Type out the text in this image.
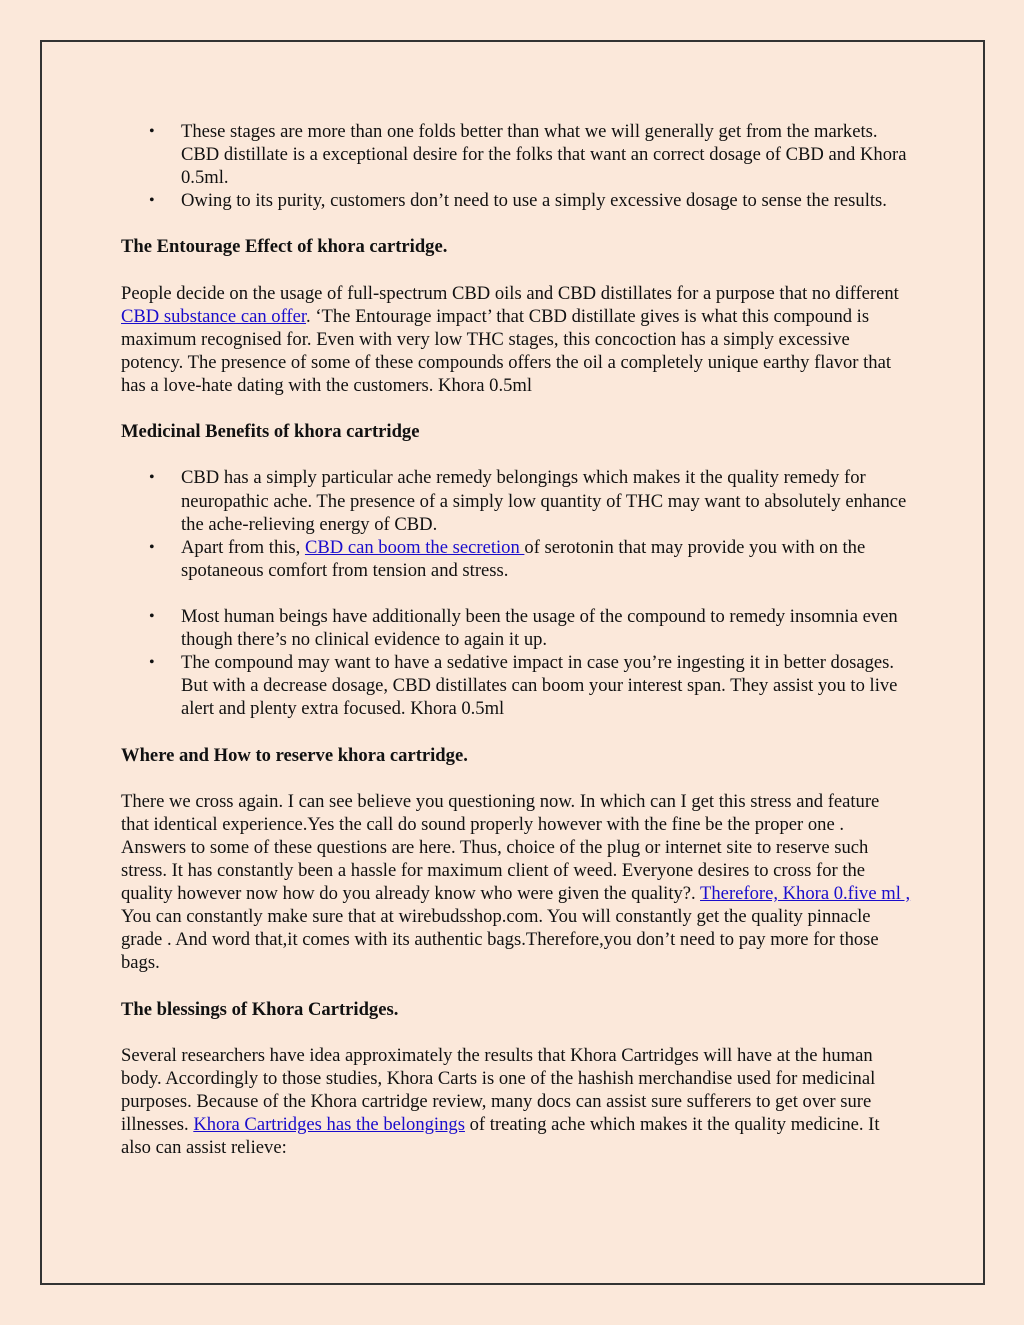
• These stages are more than one folds better than what we will generally get from the markets. CBD distillate is a exceptional desire for the folks that want an correct dosage of CBD and Khora 0.5ml.
• Owing to its purity, customers don’t need to use a simply excessive dosage to sense the results.

The Entourage Effect of khora cartridge.

People decide on the usage of full-spectrum CBD oils and CBD distillates for a purpose that no different CBD substance can offer. ‘The Entourage impact’ that CBD distillate gives is what this compound is maximum recognised for. Even with very low THC stages, this concoction has a simply excessive potency. The presence of some of these compounds offers the oil a completely unique earthy flavor that has a love-hate dating with the customers. Khora 0.5ml

Medicinal Benefits of khora cartridge

• CBD has a simply particular ache remedy belongings which makes it the quality remedy for neuropathic ache. The presence of a simply low quantity of THC may want to absolutely enhance the ache-relieving energy of CBD.
• Apart from this, CBD can boom the secretion of serotonin that may provide you with on the spotaneous comfort from tension and stress.
• Most human beings have additionally been the usage of the compound to remedy insomnia even though there’s no clinical evidence to again it up.
• The compound may want to have a sedative impact in case you’re ingesting it in better dosages. But with a decrease dosage, CBD distillates can boom your interest span. They assist you to live alert and plenty extra focused. Khora 0.5ml

Where and How to reserve khora cartridge.

There we cross again. I can see believe you questioning now. In which can I get this stress and feature that identical experience.Yes the call do sound properly however with the fine be the proper one . Answers to some of these questions are here. Thus, choice of the plug or internet site to reserve such stress. It has constantly been a hassle for maximum client of weed. Everyone desires to cross for the quality however now how do you already know who were given the quality?. Therefore, Khora 0.five ml , You can constantly make sure that at wirebudsshop.com. You will constantly get the quality pinnacle grade . And word that,it comes with its authentic bags.Therefore,you don’t need to pay more for those bags.

The blessings of Khora Cartridges.

Several researchers have idea approximately the results that Khora Cartridges will have at the human body. Accordingly to those studies, Khora Carts is one of the hashish merchandise used for medicinal purposes. Because of the Khora cartridge review, many docs can assist sure sufferers to get over sure illnesses. Khora Cartridges has the belongings of treating ache which makes it the quality medicine. It also can assist relieve:
